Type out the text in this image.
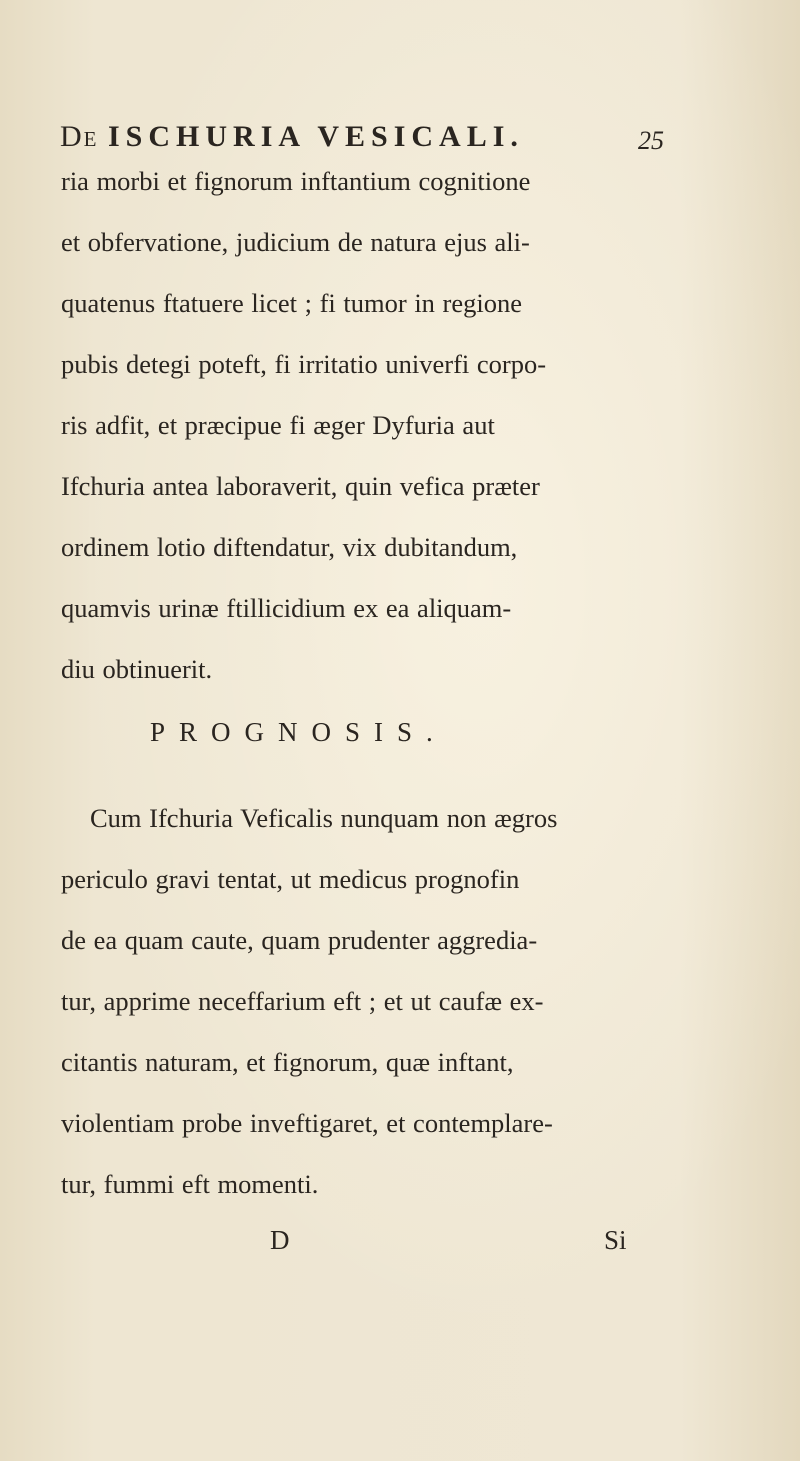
DE ISCHURIA VESICALI.	25
ria morbi et fignorum inftantium cognitione
et obfervatione, judicium de natura ejus ali-
quatenus ftatuere licet ; fi tumor in regione
pubis detegi poteft, fi irritatio univerfi corpo-
ris adfit, et præcipue fi æger Dyfuria aut
Ifchuria antea laboraverit, quin vefica præter
ordinem lotio diftendatur, vix dubitandum,
quamvis urinæ ftillicidium ex ea aliquam-
diu obtinuerit.
PROGNOSIS.
Cum Ifchuria Veficalis nunquam non ægros
periculo gravi tentat, ut medicus prognofin
de ea quam caute, quam prudenter aggredia-
tur, apprime neceffarium eft ; et ut caufæ ex-
citantis naturam, et fignorum, quæ inftant,
violentiam probe inveftigaret, et contemplare-
tur, fummi eft momenti.
D	Si
